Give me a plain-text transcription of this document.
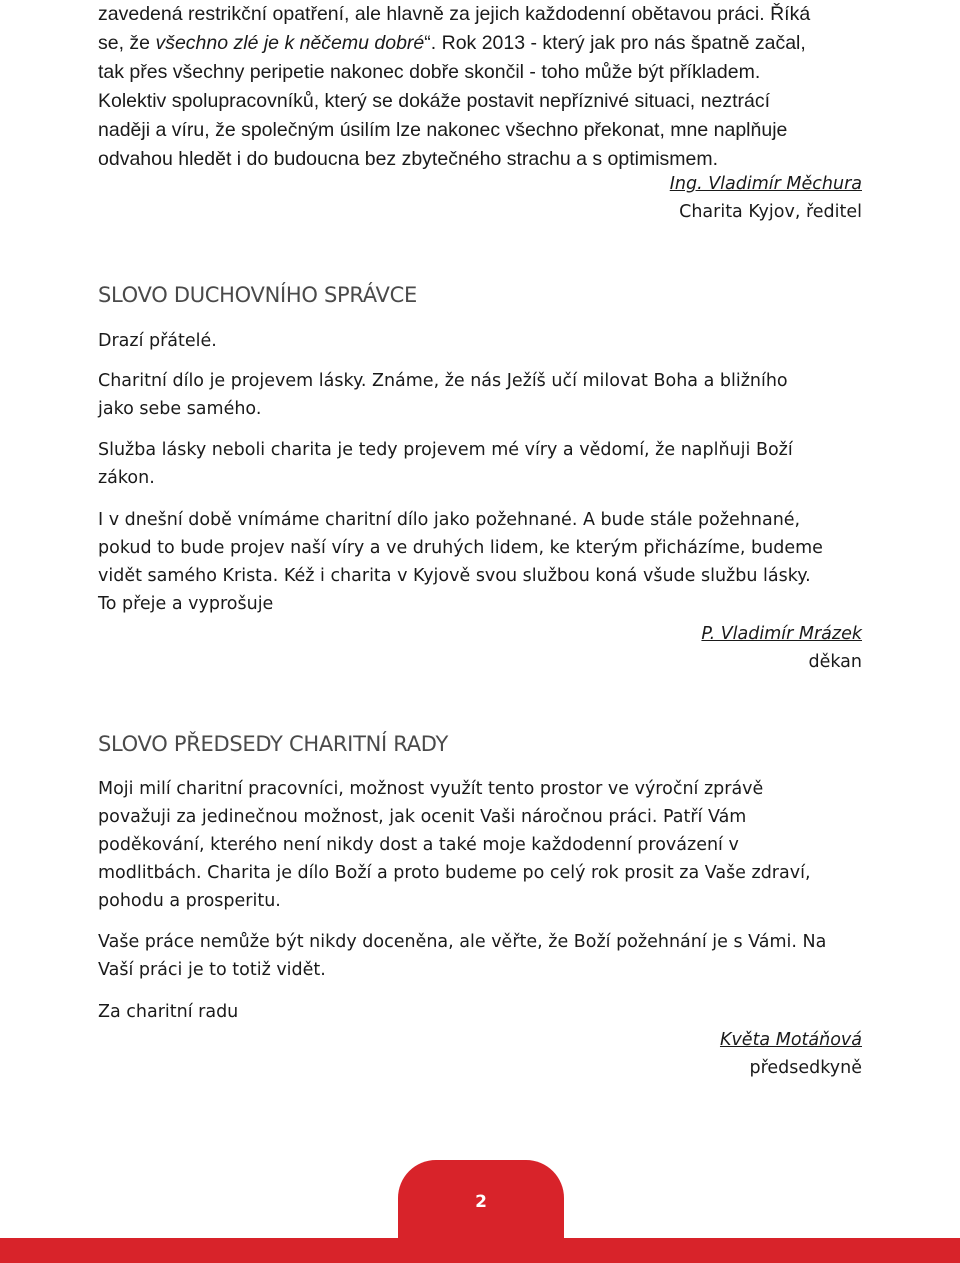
zavedená restrikční opatření, ale hlavně za jejich každodenní obětavou práci. Říká

se, že všechno zlé je k něčemu dobré“. Rok 2013 - který jak pro nás špatně začal,

tak přes všechny peripetie nakonec dobře skončil - toho může být příkladem.

Kolektiv spolupracovníků, který se dokáže postavit nepříznivé situaci, neztrácí

naději a víru, že společným úsilím lze nakonec všechno překonat, mne naplňuje

odvahou hledět i do budoucna bez zbytečného strachu a s optimismem.

Ing. Vladimír Měchura

Charita Kyjov, ředitel

SLOVO DUCHOVNÍHO SPRÁVCE
Drazí přátelé.

Charitní dílo je projevem lásky. Známe, že nás Ježíš učí milovat Boha a bližního

jako sebe samého.

Služba lásky neboli charita je tedy projevem mé víry a vědomí, že naplňuji Boží

zákon.

I v dnešní době vnímáme charitní dílo jako požehnané. A bude stále požehnané,

pokud to bude projev naší víry a ve druhých lidem, ke kterým přicházíme, budeme

vidět samého Krista. Kéž i charita v Kyjově svou službou koná všude službu lásky.

To přeje a vyprošuje

P. Vladimír Mrázek

děkan

SLOVO PŘEDSEDY CHARITNÍ RADY

Moji milí charitní pracovníci, možnost využít tento prostor ve výroční zprávě

považuji za jedinečnou možnost, jak ocenit Vaši náročnou práci. Patří Vám

poděkování, kterého není nikdy dost a také moje každodenní provázení v

modlitbách. Charita je dílo Boží a proto budeme po celý rok prosit za Vaše zdraví,

pohodu a prosperitu.

Vaše práce nemůže být nikdy doceněna, ale věřte, že Boží požehnání je s Vámi. Na

Vaší práci je to totiž vidět.

Za charitní radu

Květa Motáňová

předsedkyně

2
